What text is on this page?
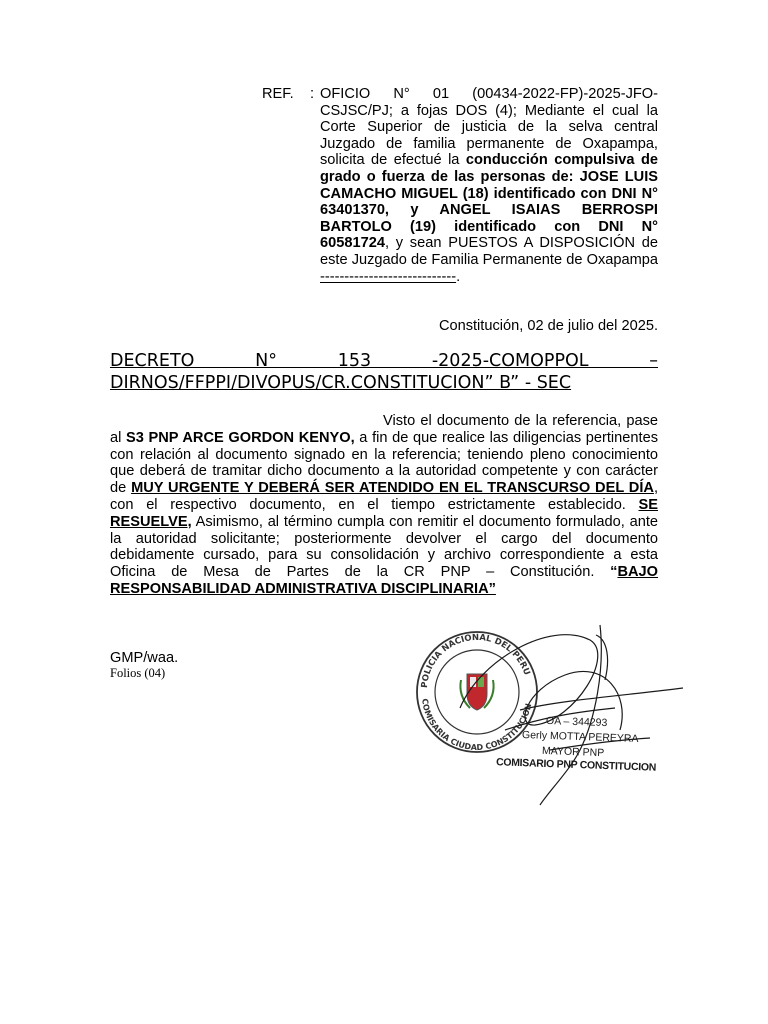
REF. : OFICIO N° 01 (00434-2022-FP)-2025-JFO-CSJSC/PJ; a fojas DOS (4); Mediante el cual la Corte Superior de justicia de la selva central Juzgado de familia permanente de Oxapampa, solicita de efectué la conducción compulsiva de grado o fuerza de las personas de: JOSE LUIS CAMACHO MIGUEL (18) identificado con DNI N° 63401370, y ANGEL ISAIAS BERROSPI BARTOLO (19) identificado con DNI N° 60581724, y sean PUESTOS A DISPOSICIÓN de este Juzgado de Familia Permanente de Oxapampa ----------------------------.
Constitución, 02 de julio del 2025.
DECRETO N° 153 -2025-COMOPPOL –
DIRNOS/FFPPI/DIVOPUS/CR.CONSTITUCION” B” - SEC
Visto el documento de la referencia, pase al S3 PNP ARCE GORDON KENYO, a fin de que realice las diligencias pertinentes con relación al documento signado en la referencia; teniendo pleno conocimiento que deberá de tramitar dicho documento a la autoridad competente y con carácter de MUY URGENTE Y DEBERÁ SER ATENDIDO EN EL TRANSCURSO DEL DÍA, con el respectivo documento, en el tiempo estrictamente establecido. SE RESUELVE, Asimismo, al término cumpla con remitir el documento formulado, ante la autoridad solicitante; posteriormente devolver el cargo del documento debidamente cursado, para su consolidación y archivo correspondiente a esta Oficina de Mesa de Partes de la CR PNP – Constitución. “BAJO RESPONSABILIDAD ADMINISTRATIVA DISCIPLINARIA”
GMP/waa.
Folios (04)
POLICIA NACIONAL DEL PERU
COMISARIA CIUDAD CONSTITUCION
OA – 344293
Gerly MOTTA PEREYRA
MAYOR PNP
COMISARIO PNP CONSTITUCION
